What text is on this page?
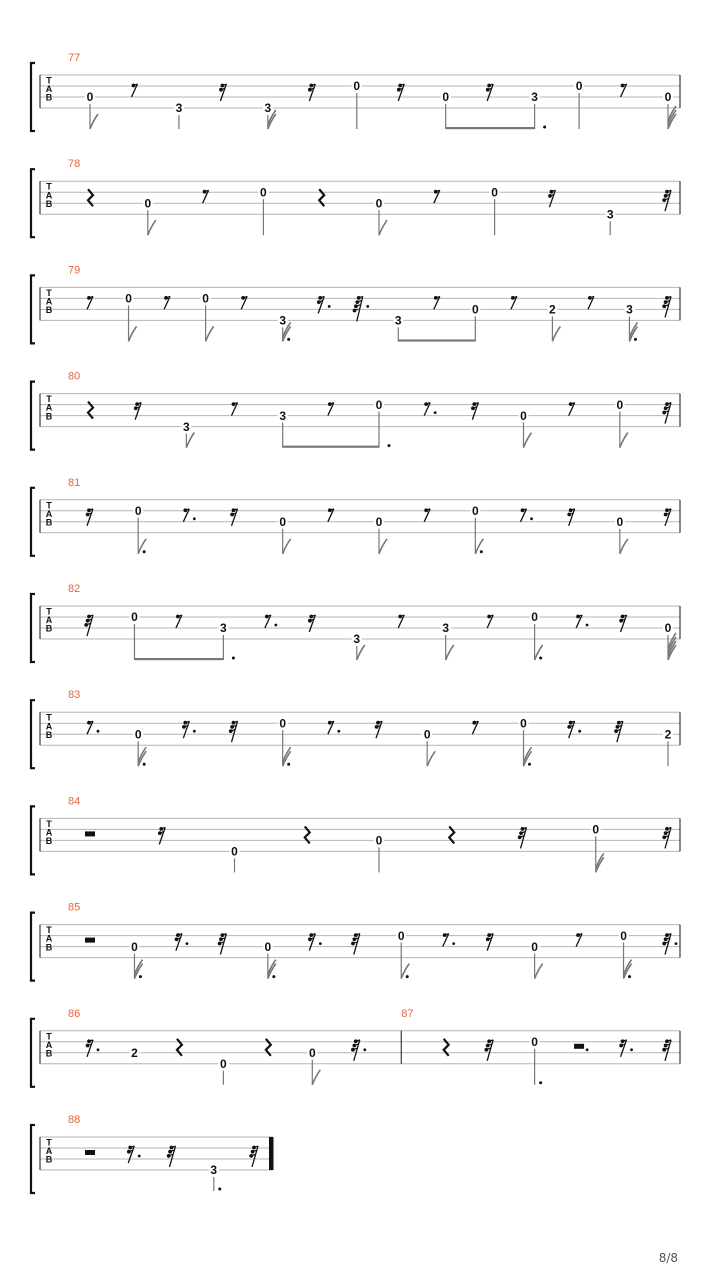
T
A
B
77
0
3	3
0
0	3
0
0
T
A
B
78
0
0
0
0
3
T
A
B
79
0	0
3	3
0	2	3
T
A
B
80
3
3
0
0
0
T
A
B
81
0
0	0
0
0
T
A
B
82
0
3
3
3
0
0
T
A
B
83
0
0
0
0
2
T
A
B
84
0
0
0
T
A
B
85
0	0
0
0
0
T
A
B
86
2
0
0
87
0
T
A
B
88
3
8/8
